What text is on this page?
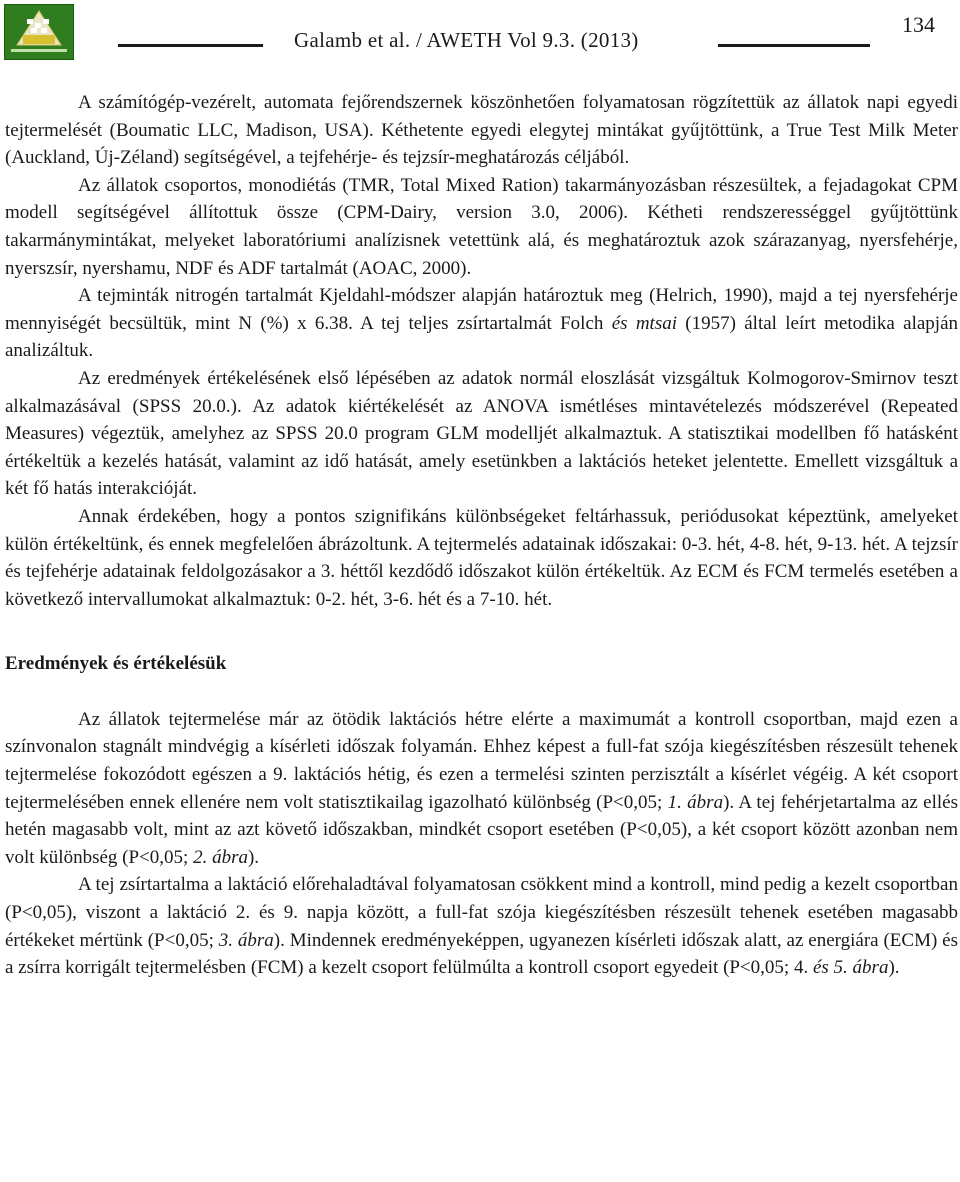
Galamb et al. / AWETH Vol 9.3. (2013)
134

A számítógép-vezérelt, automata fejőrendszernek köszönhetően folyamatosan rögzítettük az állatok napi egyedi tejtermelését (Boumatic LLC, Madison, USA). Kéthetente egyedi elegytej mintákat gyűjtöttünk, a True Test Milk Meter (Auckland, Új-Zéland) segítségével, a tejfehérje- és tejzsír-meghatározás céljából.

Az állatok csoportos, monodiétás (TMR, Total Mixed Ration) takarmányozásban részesültek, a fejadagokat CPM modell segítségével állítottuk össze (CPM-Dairy, version 3.0, 2006). Kétheti rendszerességgel gyűjtöttünk takarmánymintákat, melyeket laboratóriumi analízisnek vetettünk alá, és meghatároztuk azok szárazanyag, nyersfehérje, nyerszsír, nyershamu, NDF és ADF tartalmát (AOAC, 2000).

A tejminták nitrogén tartalmát Kjeldahl-módszer alapján határoztuk meg (Helrich, 1990), majd a tej nyersfehérje mennyiségét becsültük, mint N (%) x 6.38. A tej teljes zsírtartalmát Folch és mtsai (1957) által leírt metodika alapján analizáltuk.

Az eredmények értékelésének első lépésében az adatok normál eloszlását vizsgáltuk Kolmogorov-Smirnov teszt alkalmazásával (SPSS 20.0.). Az adatok kiértékelését az ANOVA ismétléses mintavételezés módszerével (Repeated Measures) végeztük, amelyhez az SPSS 20.0 program GLM modelljét alkalmaztuk. A statisztikai modellben fő hatásként értékeltük a kezelés hatását, valamint az idő hatását, amely esetünkben a laktációs heteket jelentette. Emellett vizsgáltuk a két fő hatás interakcióját.

Annak érdekében, hogy a pontos szignifikáns különbségeket feltárhassuk, periódusokat képeztünk, amelyeket külön értékeltünk, és ennek megfelelően ábrázoltunk. A tejtermelés adatainak időszakai: 0-3. hét, 4-8. hét, 9-13. hét. A tejzsír és tejfehérje adatainak feldolgozásakor a 3. héttől kezdődő időszakot külön értékeltük. Az ECM és FCM termelés esetében a következő intervallumokat alkalmaztuk: 0-2. hét, 3-6. hét és a 7-10. hét.

Eredmények és értékelésük

Az állatok tejtermelése már az ötödik laktációs hétre elérte a maximumát a kontroll csoportban, majd ezen a színvonalon stagnált mindvégig a kísérleti időszak folyamán. Ehhez képest a full-fat szója kiegészítésben részesült tehenek tejtermelése fokozódott egészen a 9. laktációs hétig, és ezen a termelési szinten perzisztált a kísérlet végéig. A két csoport tejtermelésében ennek ellenére nem volt statisztikailag igazolható különbség (P<0,05; 1. ábra). A tej fehérjetartalma az ellés hetén magasabb volt, mint az azt követő időszakban, mindkét csoport esetében (P<0,05), a két csoport között azonban nem volt különbség (P<0,05; 2. ábra).

A tej zsírtartalma a laktáció előrehaladtával folyamatosan csökkent mind a kontroll, mind pedig a kezelt csoportban (P<0,05), viszont a laktáció 2. és 9. napja között, a full-fat szója kiegészítésben részesült tehenek esetében magasabb értékeket mértünk (P<0,05; 3. ábra). Mindennek eredményeképpen, ugyanezen kísérleti időszak alatt, az energiára (ECM) és a zsírra korrigált tejtermelésben (FCM) a kezelt csoport felülmúlta a kontroll csoport egyedeit (P<0,05; 4. és 5. ábra).
